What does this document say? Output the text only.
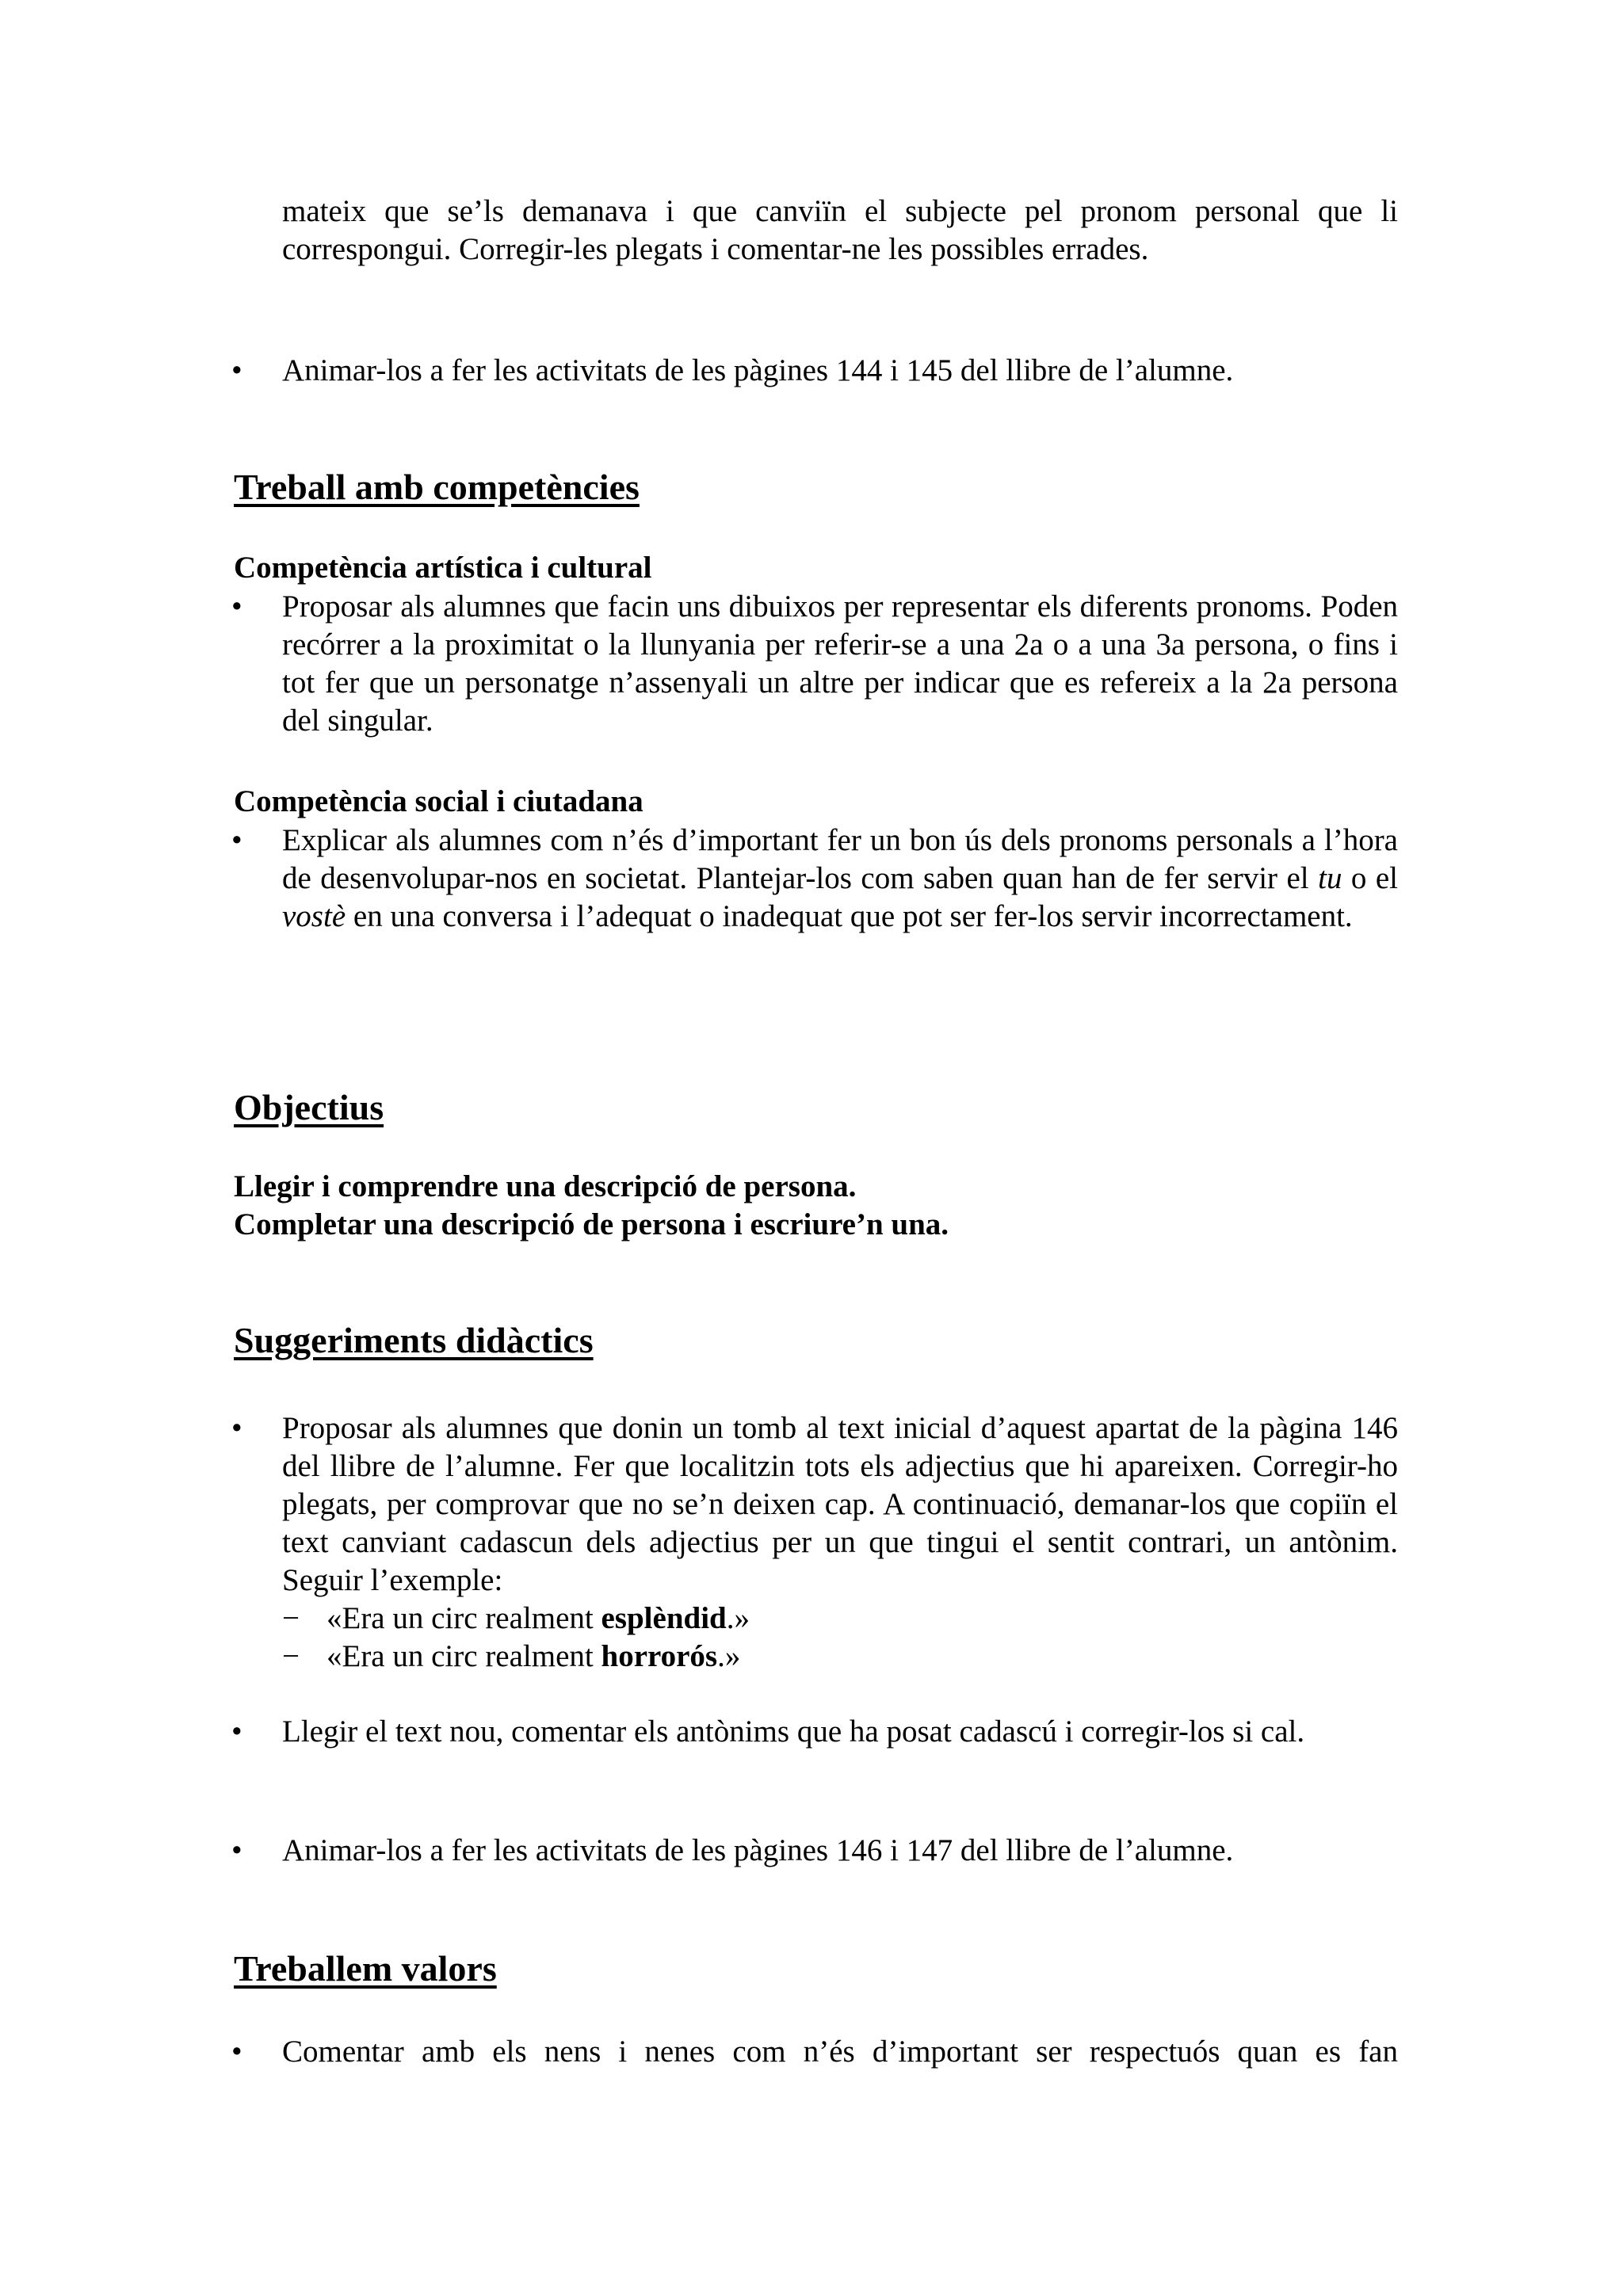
mateix que se’ls demanava i que canviïn el subjecte pel pronom personal que li correspongui. Corregir-les plegats i comentar-ne les possibles errades.
• Animar-los a fer les activitats de les pàgines 144 i 145 del llibre de l’alumne.
Treball amb competències
Competència artística i cultural
• Proposar als alumnes que facin uns dibuixos per representar els diferents pronoms. Poden recórrer a la proximitat o la llunyania per referir-se a una 2a o a una 3a persona, o fins i tot fer que un personatge n’assenyali un altre per indicar que es refereix a la 2a persona del singular.
Competència social i ciutadana
• Explicar als alumnes com n’és d’important fer un bon ús dels pronoms personals a l’hora de desenvolupar-nos en societat. Plantejar-los com saben quan han de fer servir el tu o el vostè en una conversa i l’adequat o inadequat que pot ser fer-los servir incorrectament.
Objectius
Llegir i comprendre una descripció de persona.
Completar una descripció de persona i escriure’n una.
Suggeriments didàctics
• Proposar als alumnes que donin un tomb al text inicial d’aquest apartat de la pàgina 146 del llibre de l’alumne. Fer que localitzin tots els adjectius que hi apareixen. Corregir-ho plegats, per comprovar que no se’n deixen cap. A continuació, demanar-los que copiïn el text canviant cadascun dels adjectius per un que tingui el sentit contrari, un antònim. Seguir l’exemple:
− «Era un circ realment esplèndid.»
− «Era un circ realment horrorós.»
• Llegir el text nou, comentar els antònims que ha posat cadascú i corregir-los si cal.
• Animar-los a fer les activitats de les pàgines 146 i 147 del llibre de l’alumne.
Treballem valors
• Comentar amb els nens i nenes com n’és d’important ser respectuós quan es fan
